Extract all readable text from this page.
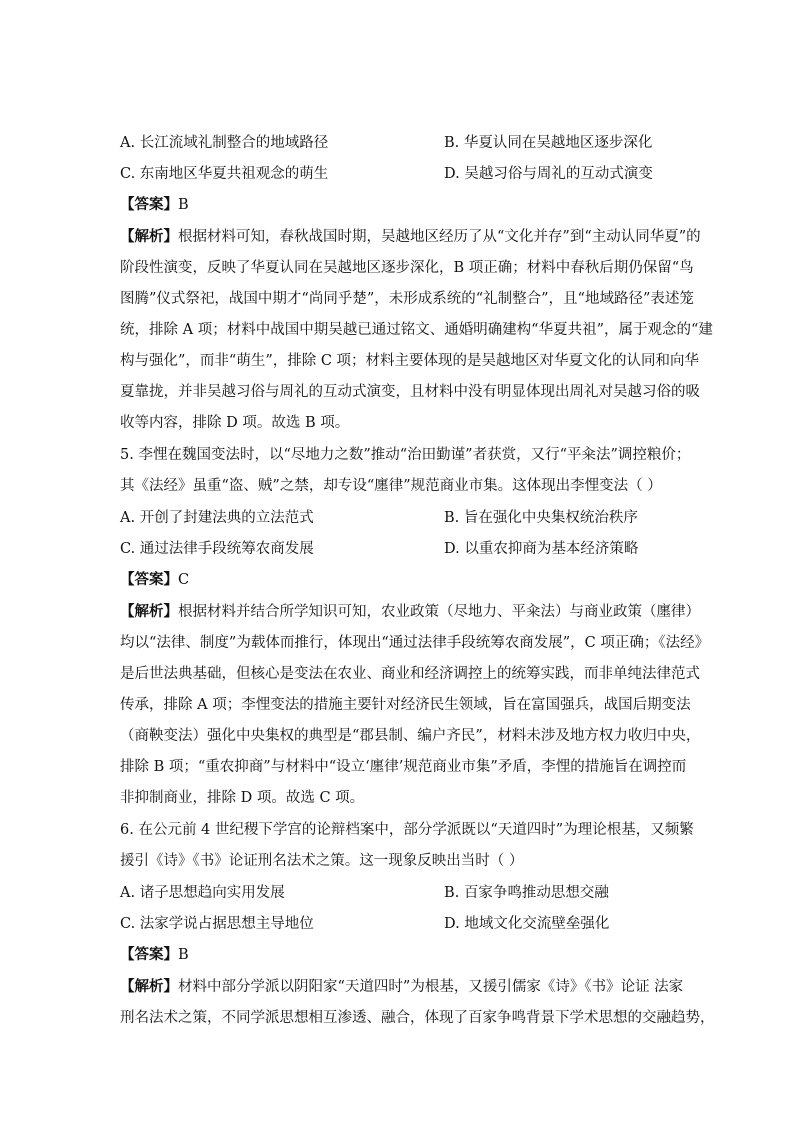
A. 长江流域礼制整合的地域路径	B. 华夏认同在吴越地区逐步深化
C. 东南地区华夏共祖观念的萌生	D. 吴越习俗与周礼的互动式演变
【答案】B
【解析】根据材料可知，春秋战国时期，吴越地区经历了从“文化并存”到“主动认同华夏”的
阶段性演变，反映了华夏认同在吴越地区逐步深化，B 项正确；材料中春秋后期仍保留“鸟
图腾”仪式祭祀，战国中期才“尚同乎楚”，未形成系统的“礼制整合”，且“地域路径”表述笼
统，排除 A 项；材料中战国中期吴越已通过铭文、通婚明确建构“华夏共祖”，属于观念的“建
构与强化”，而非“萌生”，排除 C 项；材料主要体现的是吴越地区对华夏文化的认同和向华
夏靠拢，并非吴越习俗与周礼的互动式演变，且材料中没有明显体现出周礼对吴越习俗的吸
收等内容，排除 D 项。故选 B 项。
5. 李悝在魏国变法时，以“尽地力之数”推动“治田勤谨”者获赏，又行“平籴法”调控粮价；
其《法经》虽重“盗、贼”之禁，却专设“廛律”规范商业市集。这体现出李悝变法（ ）
A. 开创了封建法典的立法范式	B. 旨在强化中央集权统治秩序
C. 通过法律手段统筹农商发展	D. 以重农抑商为基本经济策略
【答案】C
【解析】根据材料并结合所学知识可知，农业政策（尽地力、平籴法）与商业政策（廛律）
均以“法律、制度”为载体而推行，体现出“通过法律手段统筹农商发展”，C 项正确；《法经》
是后世法典基础，但核心是变法在农业、商业和经济调控上的统筹实践，而非单纯法律范式
传承，排除 A 项；李悝变法的措施主要针对经济民生领域，旨在富国强兵，战国后期变法
（商鞅变法）强化中央集权的典型是“郡县制、编户齐民”，材料未涉及地方权力收归中央，
排除 B 项；“重农抑商”与材料中“设立‘廛律’规范商业市集”矛盾，李悝的措施旨在调控而
非抑制商业，排除 D 项。故选 C 项。
6. 在公元前 4 世纪稷下学宫的论辩档案中，部分学派既以“天道四时”为理论根基，又频繁
援引《诗》《书》论证刑名法术之策。这一现象反映出当时（ ）
A. 诸子思想趋向实用发展	B. 百家争鸣推动思想交融
C. 法家学说占据思想主导地位	D. 地域文化交流壁垒强化
【答案】B
【解析】材料中部分学派以阴阳家“天道四时”为根基，又援引儒家《诗》《书》论证 法家
刑名法术之策，不同学派思想相互渗透、融合，体现了百家争鸣背景下学术思想的交融趋势，
